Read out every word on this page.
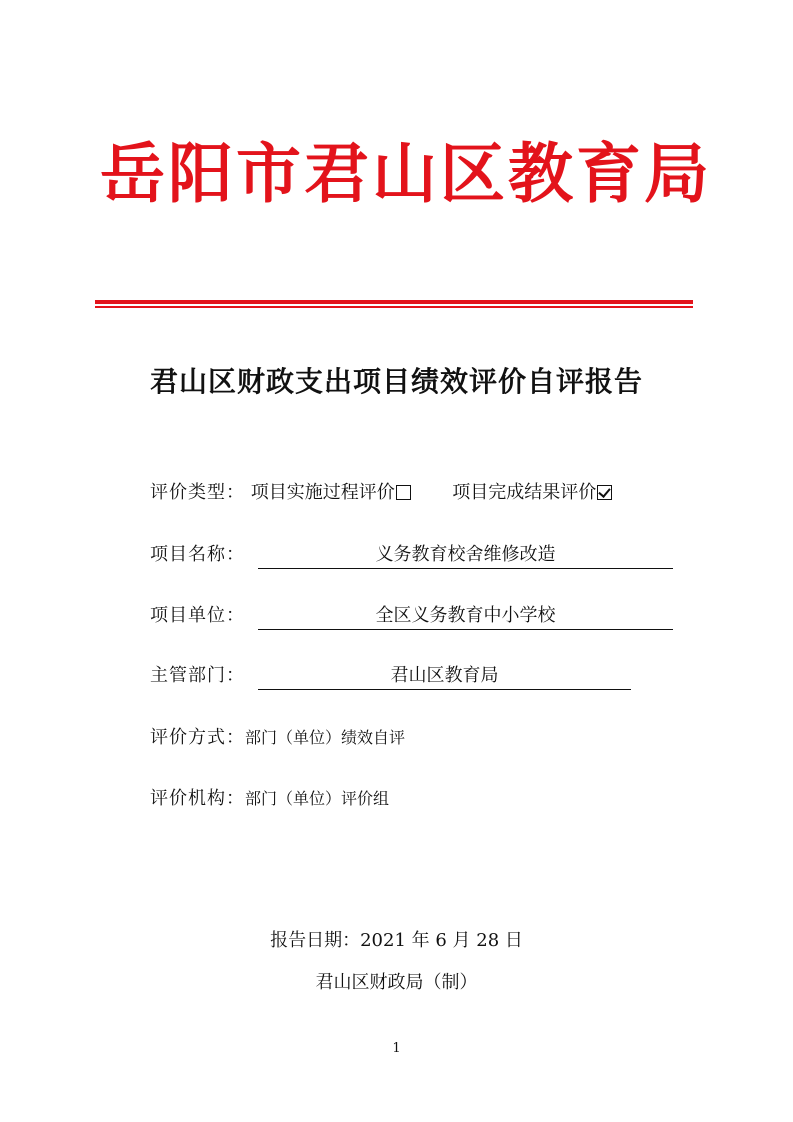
岳阳市君山区教育局
君山区财政支出项目绩效评价自评报告
评价类型： 项目实施过程评价	项目完成结果评价
项目名称：	义务教育校舍维修改造
项目单位：	全区义务教育中小学校
主管部门：	君山区教育局
评价方式：部门（单位）绩效自评
评价机构：部门（单位）评价组
报告日期：2021 年 6 月 28 日
君山区财政局（制）
1
